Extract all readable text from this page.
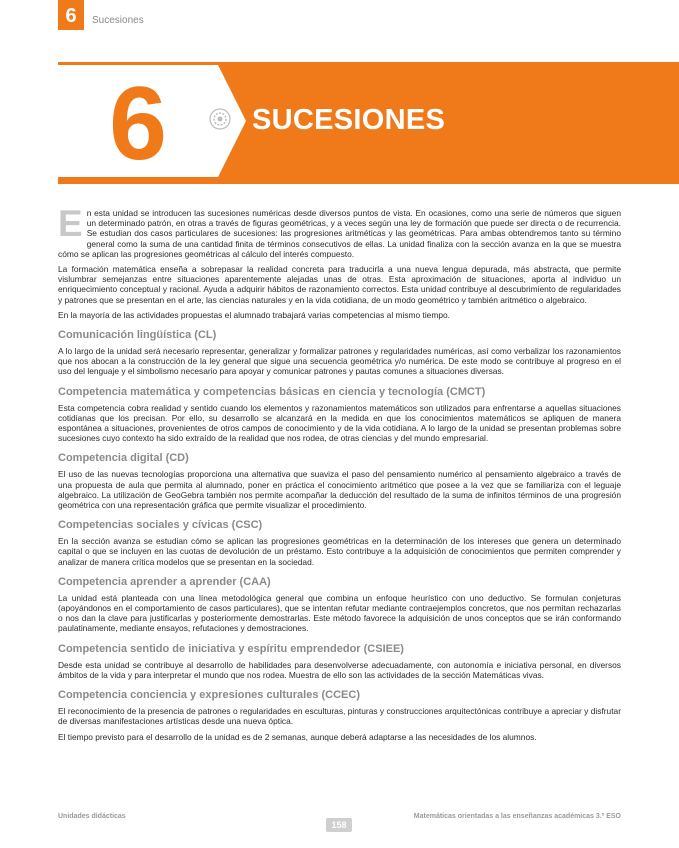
6	Sucesiones
6	SUCESIONES

En esta unidad se introducen las sucesiones numéricas desde diversos puntos de vista. En ocasiones, como una serie de números que siguen un determinado patrón, en otras a través de figuras geométricas, y a veces según una ley de formación que puede ser directa o de recurrencia. Se estudian dos casos particulares de sucesiones: las progresiones aritméticas y las geométricas. Para ambas obtendremos tanto su término general como la suma de una cantidad finita de términos consecutivos de ellas. La unidad finaliza con la sección avanza en la que se muestra cómo se aplican las progresiones geométricas al cálculo del interés compuesto.

La formación matemática enseña a sobrepasar la realidad concreta para traducirla a una nueva lengua depurada, más abstracta, que permite vislumbrar semejanzas entre situaciones aparentemente alejadas unas de otras. Esta aproximación de situaciones, aporta al individuo un enriquecimiento conceptual y racional. Ayuda a adquirir hábitos de razonamiento correctos. Esta unidad contribuye al descubrimiento de regularidades y patrones que se presentan en el arte, las ciencias naturales y en la vida cotidiana, de un modo geométrico y también aritmético o algebraico.

En la mayoría de las actividades propuestas el alumnado trabajará varias competencias al mismo tiempo.

Comunicación lingüística (CL)

A lo largo de la unidad será necesario representar, generalizar y formalizar patrones y regularidades numéricas, así como verbalizar los razonamientos que nos abocan a la construcción de la ley general que sigue una secuencia geométrica y/o numérica. De este modo se contribuye al progreso en el uso del lenguaje y el simbolismo necesario para apoyar y comunicar patrones y pautas comunes a situaciones diversas.

Competencia matemática y competencias básicas en ciencia y tecnología (CMCT)

Esta competencia cobra realidad y sentido cuando los elementos y razonamientos matemáticos son utilizados para enfrentarse a aquellas situaciones cotidianas que los precisan. Por ello, su desarrollo se alcanzará en la medida en que los conocimientos matemáticos se apliquen de manera espontánea a situaciones, provenientes de otros campos de conocimiento y de la vida cotidiana. A lo largo de la unidad se presentan problemas sobre sucesiones cuyo contexto ha sido extraído de la realidad que nos rodea, de otras ciencias y del mundo empresarial.

Competencia digital (CD)

El uso de las nuevas tecnologías proporciona una alternativa que suaviza el paso del pensamiento numérico al pensamiento algebraico a través de una propuesta de aula que permita al alumnado, poner en práctica el conocimiento aritmético que posee a la vez que se familiariza con el leguaje algebraico. La utilización de GeoGebra también nos permite acompañar la deducción del resultado de la suma de infinitos términos de una progresión geométrica con una representación gráfica que permite visualizar el procedimiento.

Competencias sociales y cívicas (CSC)

En la sección avanza se estudian cómo se aplican las progresiones geométricas en la determinación de los intereses que genera un determinado capital o que se incluyen en las cuotas de devolución de un préstamo. Esto contribuye a la adquisición de conocimientos que permiten comprender y analizar de manera crítica modelos que se presentan en la sociedad.

Competencia aprender a aprender (CAA)

La unidad está planteada con una línea metodológica general que combina un enfoque heurístico con uno deductivo. Se formulan conjeturas (apoyándonos en el comportamiento de casos particulares), que se intentan refutar mediante contraejemplos concretos, que nos permitan rechazarlas o nos dan la clave para justificarlas y posteriormente demostrarlas. Este método favorece la adquisición de unos conceptos que se irán conformando paulatinamente, mediante ensayos, refutaciones y demostraciones.

Competencia sentido de iniciativa y espíritu emprendedor (CSIEE)

Desde esta unidad se contribuye al desarrollo de habilidades para desenvolverse adecuadamente, con autonomía e iniciativa personal, en diversos ámbitos de la vida y para interpretar el mundo que nos rodea. Muestra de ello son las actividades de la sección Matemáticas vivas.

Competencia conciencia y expresiones culturales (CCEC)

El reconocimiento de la presencia de patrones o regularidades en esculturas, pinturas y construcciones arquitectónicas contribuye a apreciar y disfrutar de diversas manifestaciones artísticas desde una nueva óptica.

El tiempo previsto para el desarrollo de la unidad es de 2 semanas, aunque deberá adaptarse a las necesidades de los alumnos.

Unidades didácticas
158
Matemáticas orientadas a las enseñanzas académicas 3.º ESO
